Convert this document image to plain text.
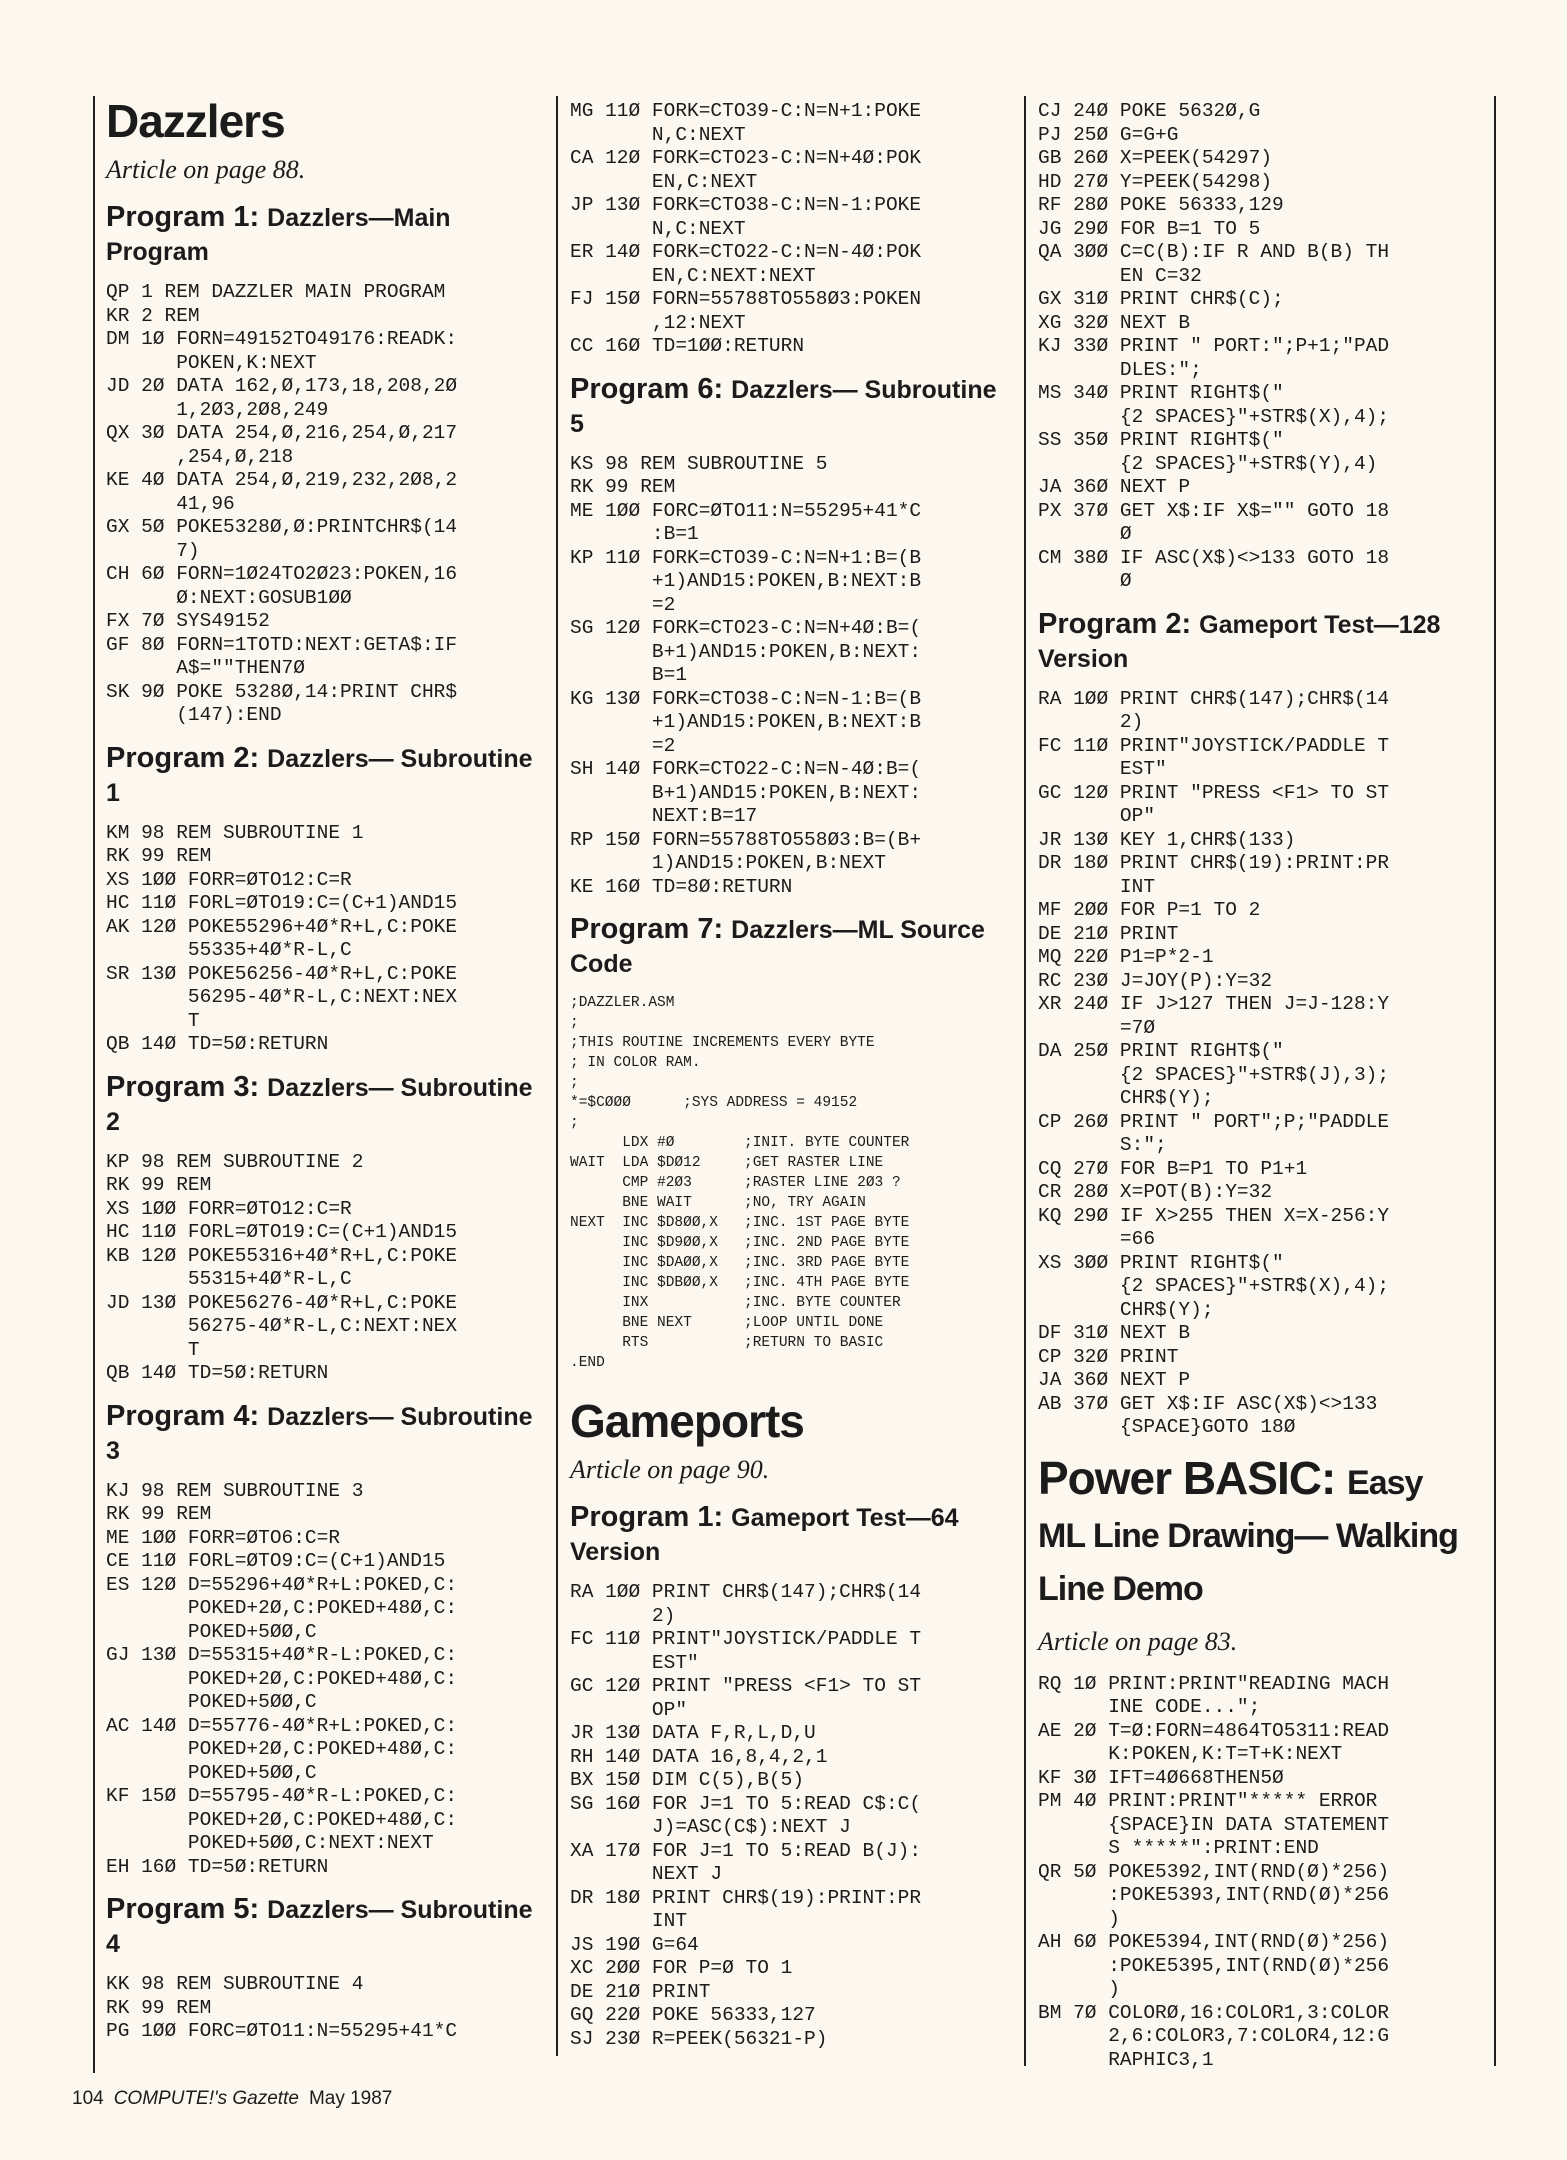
Dazzlers
Article on page 88.
Program 1: Dazzlers—Main Program
QP 1 REM DAZZLER MAIN PROGRAM
KR 2 REM
DM 1Ø FORN=49152TO49176:READK:
POKEN,K:NEXT
JD 2Ø DATA 162,Ø,173,18,208,2Ø
1,2Ø3,2Ø8,249
QX 3Ø DATA 254,Ø,216,254,Ø,217
,254,Ø,218
KE 4Ø DATA 254,Ø,219,232,2Ø8,2
41,96
GX 5Ø POKE5328Ø,Ø:PRINTCHR$(14
7)
CH 6Ø FORN=1Ø24TO2Ø23:POKEN,16
Ø:NEXT:GOSUB1ØØ
FX 7Ø SYS49152
GF 8Ø FORN=1TOTD:NEXT:GETA$:IF
A$=""THEN7Ø
SK 9Ø POKE 5328Ø,14:PRINT CHR$
(147):END
Program 2: Dazzlers— Subroutine 1
KM 98 REM SUBROUTINE 1
RK 99 REM
XS 1ØØ FORR=ØTO12:C=R
HC 11Ø FORL=ØTO19:C=(C+1)AND15
AK 12Ø POKE55296+4Ø*R+L,C:POKE
55335+4Ø*R-L,C
SR 13Ø POKE56256-4Ø*R+L,C:POKE
56295-4Ø*R-L,C:NEXT:NEX
T
QB 14Ø TD=5Ø:RETURN
Program 3: Dazzlers— Subroutine 2
KP 98 REM SUBROUTINE 2
RK 99 REM
XS 1ØØ FORR=ØTO12:C=R
HC 11Ø FORL=ØTO19:C=(C+1)AND15
KB 12Ø POKE55316+4Ø*R+L,C:POKE
55315+4Ø*R-L,C
JD 13Ø POKE56276-4Ø*R+L,C:POKE
56275-4Ø*R-L,C:NEXT:NEX
T
QB 14Ø TD=5Ø:RETURN
Program 4: Dazzlers— Subroutine 3
KJ 98 REM SUBROUTINE 3
RK 99 REM
ME 1ØØ FORR=ØTO6:C=R
CE 11Ø FORL=ØTO9:C=(C+1)AND15
ES 12Ø D=55296+4Ø*R+L:POKED,C:
POKED+2Ø,C:POKED+48Ø,C:
POKED+5ØØ,C
GJ 13Ø D=55315+4Ø*R-L:POKED,C:
POKED+2Ø,C:POKED+48Ø,C:
POKED+5ØØ,C
AC 14Ø D=55776-4Ø*R+L:POKED,C:
POKED+2Ø,C:POKED+48Ø,C:
POKED+5ØØ,C
KF 15Ø D=55795-4Ø*R-L:POKED,C:
POKED+2Ø,C:POKED+48Ø,C:
POKED+5ØØ,C:NEXT:NEXT
EH 16Ø TD=5Ø:RETURN
Program 5: Dazzlers— Subroutine 4
KK 98 REM SUBROUTINE 4
RK 99 REM
PG 1ØØ FORC=ØTO11:N=55295+41*C
MG 11Ø FORK=CTO39-C:N=N+1:POKE
N,C:NEXT
CA 12Ø FORK=CTO23-C:N=N+4Ø:POK
EN,C:NEXT
JP 13Ø FORK=CTO38-C:N=N-1:POKE
N,C:NEXT
ER 14Ø FORK=CTO22-C:N=N-4Ø:POK
EN,C:NEXT:NEXT
FJ 15Ø FORN=55788TO558Ø3:POKEN
,12:NEXT
CC 16Ø TD=1ØØ:RETURN
Program 6: Dazzlers— Subroutine 5
KS 98 REM SUBROUTINE 5
RK 99 REM
ME 1ØØ FORC=ØTO11:N=55295+41*C
:B=1
KP 11Ø FORK=CTO39-C:N=N+1:B=(B
+1)AND15:POKEN,B:NEXT:B
=2
SG 12Ø FORK=CTO23-C:N=N+4Ø:B=(
B+1)AND15:POKEN,B:NEXT:
B=1
KG 13Ø FORK=CTO38-C:N=N-1:B=(B
+1)AND15:POKEN,B:NEXT:B
=2
SH 14Ø FORK=CTO22-C:N=N-4Ø:B=(
B+1)AND15:POKEN,B:NEXT:
NEXT:B=17
RP 15Ø FORN=55788TO558Ø3:B=(B+
1)AND15:POKEN,B:NEXT
KE 16Ø TD=8Ø:RETURN
Program 7: Dazzlers—ML Source Code
;DAZZLER.ASM
;
;THIS ROUTINE INCREMENTS EVERY BYTE
; IN COLOR RAM.
;
*=$CØØØ      ;SYS ADDRESS = 49152
;
LDX #Ø        ;INIT. BYTE COUNTER
WAIT  LDA $DØ12     ;GET RASTER LINE
CMP #2Ø3      ;RASTER LINE 2Ø3 ?
BNE WAIT      ;NO, TRY AGAIN
NEXT  INC $D8ØØ,X   ;INC. 1ST PAGE BYTE
INC $D9ØØ,X   ;INC. 2ND PAGE BYTE
INC $DAØØ,X   ;INC. 3RD PAGE BYTE
INC $DBØØ,X   ;INC. 4TH PAGE BYTE
INX           ;INC. BYTE COUNTER
BNE NEXT      ;LOOP UNTIL DONE
RTS           ;RETURN TO BASIC
.END
Gameports
Article on page 90.
Program 1: Gameport Test—64 Version
RA 1ØØ PRINT CHR$(147);CHR$(14
2)
FC 11Ø PRINT"JOYSTICK/PADDLE T
EST"
GC 12Ø PRINT "PRESS <F1> TO ST
OP"
JR 13Ø DATA F,R,L,D,U
RH 14Ø DATA 16,8,4,2,1
BX 15Ø DIM C(5),B(5)
SG 16Ø FOR J=1 TO 5:READ C$:C(
J)=ASC(C$):NEXT J
XA 17Ø FOR J=1 TO 5:READ B(J):
NEXT J
DR 18Ø PRINT CHR$(19):PRINT:PR
INT
JS 19Ø G=64
XC 2ØØ FOR P=Ø TO 1
DE 21Ø PRINT
GQ 22Ø POKE 56333,127
SJ 23Ø R=PEEK(56321-P)
CJ 24Ø POKE 5632Ø,G
PJ 25Ø G=G+G
GB 26Ø X=PEEK(54297)
HD 27Ø Y=PEEK(54298)
RF 28Ø POKE 56333,129
JG 29Ø FOR B=1 TO 5
QA 3ØØ C=C(B):IF R AND B(B) TH
EN C=32
GX 31Ø PRINT CHR$(C);
XG 32Ø NEXT B
KJ 33Ø PRINT " PORT:";P+1;"PAD
DLES:";
MS 34Ø PRINT RIGHT$("
{2 SPACES}"+STR$(X),4);
SS 35Ø PRINT RIGHT$("
{2 SPACES}"+STR$(Y),4)
JA 36Ø NEXT P
PX 37Ø GET X$:IF X$="" GOTO 18
Ø
CM 38Ø IF ASC(X$)<>133 GOTO 18
Ø
Program 2: Gameport Test—128 Version
RA 1ØØ PRINT CHR$(147);CHR$(14
2)
FC 11Ø PRINT"JOYSTICK/PADDLE T
EST"
GC 12Ø PRINT "PRESS <F1> TO ST
OP"
JR 13Ø KEY 1,CHR$(133)
DR 18Ø PRINT CHR$(19):PRINT:PR
INT
MF 2ØØ FOR P=1 TO 2
DE 21Ø PRINT
MQ 22Ø P1=P*2-1
RC 23Ø J=JOY(P):Y=32
XR 24Ø IF J>127 THEN J=J-128:Y
=7Ø
DA 25Ø PRINT RIGHT$("
{2 SPACES}"+STR$(J),3);
CHR$(Y);
CP 26Ø PRINT " PORT";P;"PADDLE
S:";
CQ 27Ø FOR B=P1 TO P1+1
CR 28Ø X=POT(B):Y=32
KQ 29Ø IF X>255 THEN X=X-256:Y
=66
XS 3ØØ PRINT RIGHT$("
{2 SPACES}"+STR$(X),4);
CHR$(Y);
DF 31Ø NEXT B
CP 32Ø PRINT
JA 36Ø NEXT P
AB 37Ø GET X$:IF ASC(X$)<>133
{SPACE}GOTO 18Ø
Power BASIC: Easy
ML Line Drawing— Walking Line Demo
Article on page 83.
RQ 1Ø PRINT:PRINT"READING MACH
INE CODE...";
AE 2Ø T=Ø:FORN=4864TO5311:READ
K:POKEN,K:T=T+K:NEXT
KF 3Ø IFT=4Ø668THEN5Ø
PM 4Ø PRINT:PRINT"***** ERROR
{SPACE}IN DATA STATEMENT
S *****":PRINT:END
QR 5Ø POKE5392,INT(RND(Ø)*256)
:POKE5393,INT(RND(Ø)*256
)
AH 6Ø POKE5394,INT(RND(Ø)*256)
:POKE5395,INT(RND(Ø)*256
)
BM 7Ø COLORØ,16:COLOR1,3:COLOR
2,6:COLOR3,7:COLOR4,12:G
RAPHIC3,1
104 COMPUTE!'s Gazette May 1987
